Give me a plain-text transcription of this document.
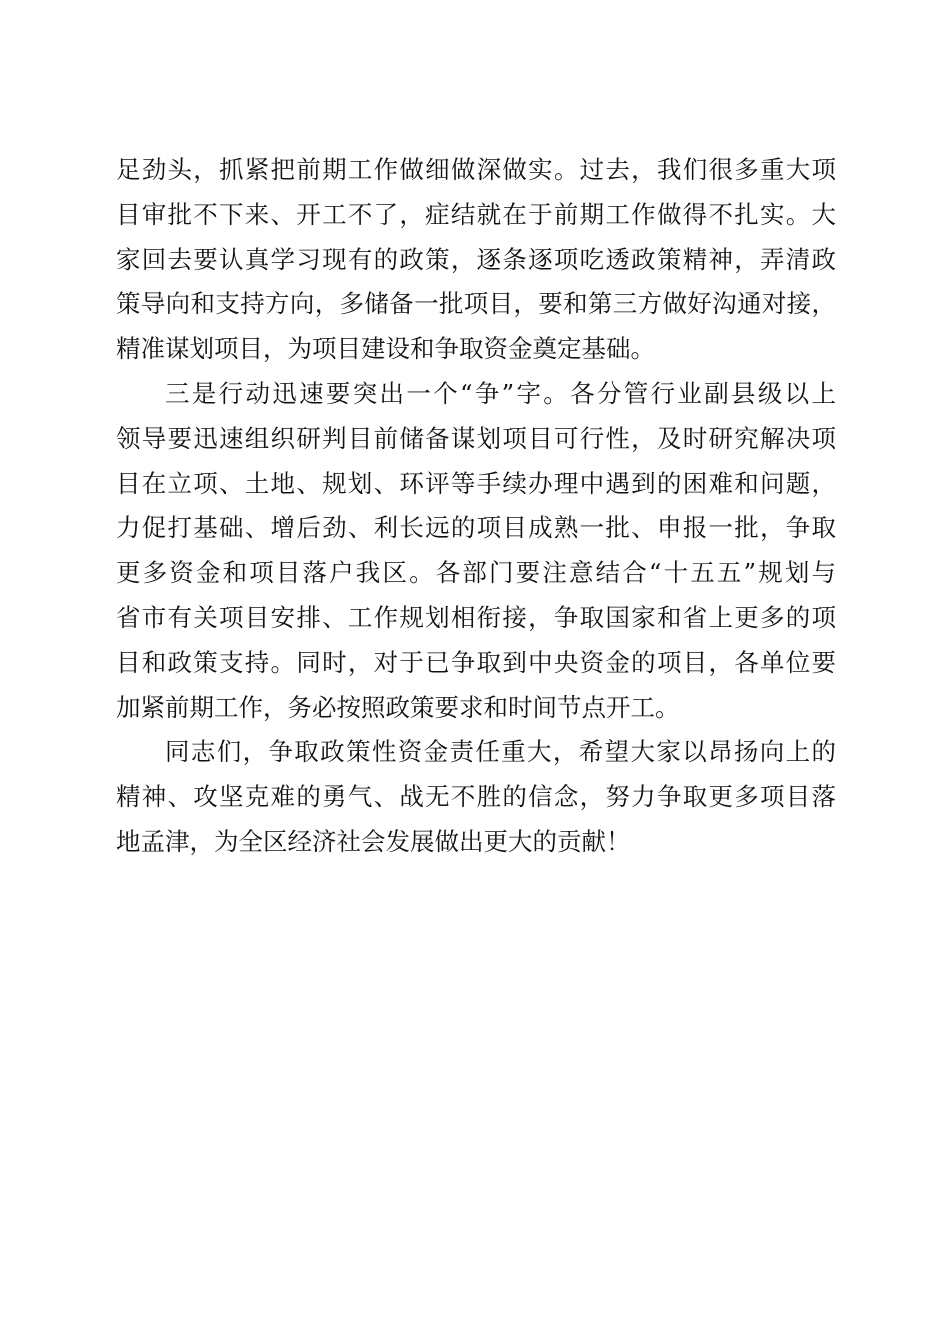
足劲头，抓紧把前期工作做细做深做实。过去，我们很多重大项
目审批不下来、开工不了，症结就在于前期工作做得不扎实。大
家回去要认真学习现有的政策，逐条逐项吃透政策精神，弄清政
策导向和支持方向，多储备一批项目，要和第三方做好沟通对接，
精准谋划项目，为项目建设和争取资金奠定基础。
三是行动迅速要突出一个“争”字。各分管行业副县级以上
领导要迅速组织研判目前储备谋划项目可行性，及时研究解决项
目在立项、土地、规划、环评等手续办理中遇到的困难和问题，
力促打基础、增后劲、利长远的项目成熟一批、申报一批，争取
更多资金和项目落户我区。各部门要注意结合“十五五”规划与
省市有关项目安排、工作规划相衔接，争取国家和省上更多的项
目和政策支持。同时，对于已争取到中央资金的项目，各单位要
加紧前期工作，务必按照政策要求和时间节点开工。
同志们，争取政策性资金责任重大，希望大家以昂扬向上的
精神、攻坚克难的勇气、战无不胜的信念，努力争取更多项目落
地孟津，为全区经济社会发展做出更大的贡献！
